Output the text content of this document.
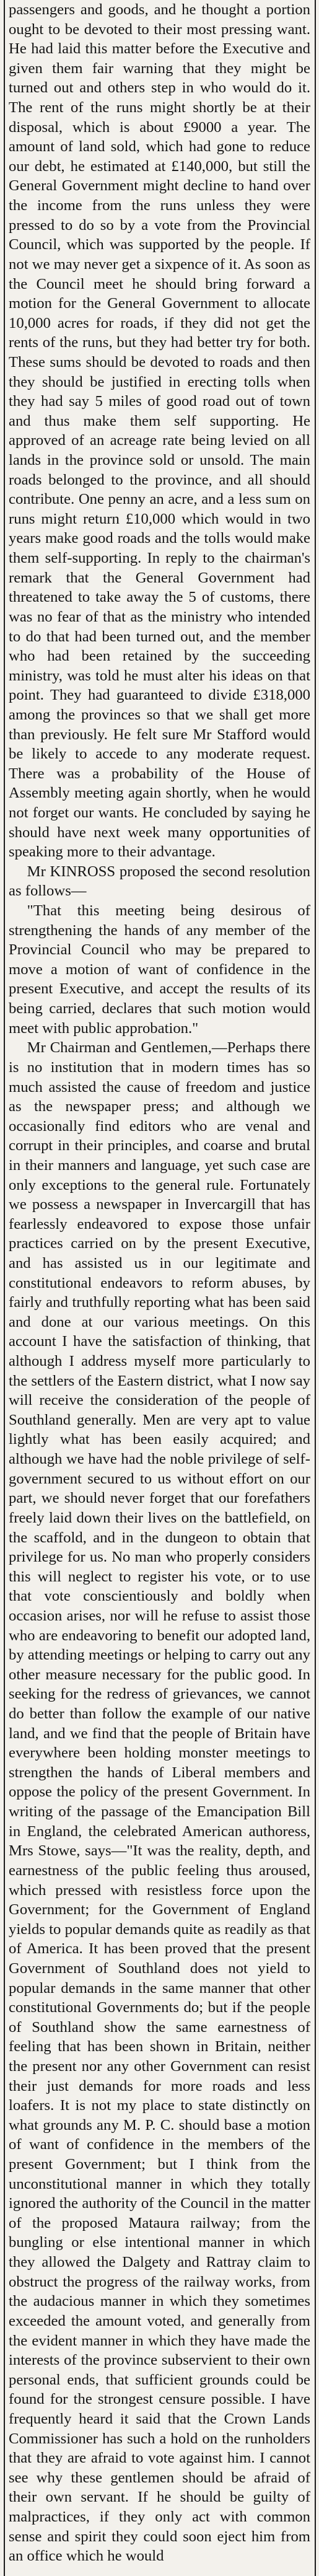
passengers and goods, and he thought a portion ought to be devoted to their most pressing want. He had laid this matter before the Executive and given them fair warning that they might be turned out and others step in who would do it. The rent of the runs might shortly be at their disposal, which is about £9000 a year. The amount of land sold, which had gone to reduce our debt, he estimated at £140,000, but still the General Government might decline to hand over the income from the runs unless they were pressed to do so by a vote from the Provincial Council, which was supported by the people. If not we may never get a sixpence of it. As soon as the Council meet he should bring forward a motion for the General Government to allocate 10,000 acres for roads, if they did not get the rents of the runs, but they had better try for both. These sums should be devoted to roads and then they should be justified in erecting tolls when they had say 5 miles of good road out of town and thus make them self supporting. He approved of an acreage rate being levied on all lands in the province sold or unsold. The main roads belonged to the province, and all should contribute. One penny an acre, and a less sum on runs might return £10,000 which would in two years make good roads and the tolls would make them self-supporting. In reply to the chairman's remark that the General Government had threatened to take away the 5 of customs, there was no fear of that as the ministry who intended to do that had been turned out, and the member who had been retained by the succeeding ministry, was told he must alter his ideas on that point. They had guaranteed to divide £318,000 among the provinces so that we shall get more than previously. He felt sure Mr Stafford would be likely to accede to any moderate request. There was a probability of the House of Assembly meeting again shortly, when he would not forget our wants. He concluded by saying he should have next week many opportunities of speaking more to their advantage.

Mr KINROSS proposed the second resolution as follows—

"That this meeting being desirous of strengthening the hands of any member of the Provincial Council who may be prepared to move a motion of want of confidence in the present Executive, and accept the results of its being carried, declares that such motion would meet with public approbation."

Mr Chairman and Gentlemen,—Perhaps there is no institution that in modern times has so much assisted the cause of freedom and justice as the newspaper press; and although we occasionally find editors who are venal and corrupt in their principles, and coarse and brutal in their manners and language, yet such case are only exceptions to the general rule. Fortunately we possess a newspaper in Invercargill that has fearlessly endeavored to expose those unfair practices carried on by the present Executive, and has assisted us in our legitimate and constitutional endeavors to reform abuses, by fairly and truthfully reporting what has been said and done at our various meetings. On this account I have the satisfaction of thinking, that although I address myself more particularly to the settlers of the Eastern district, what I now say will receive the consideration of the people of Southland generally. Men are very apt to value lightly what has been easily acquired; and although we have had the noble privilege of self-government secured to us without effort on our part, we should never forget that our forefathers freely laid down their lives on the battlefield, on the scaffold, and in the dungeon to obtain that privilege for us. No man who properly considers this will neglect to register his vote, or to use that vote conscientiously and boldly when occasion arises, nor will he refuse to assist those who are endeavoring to benefit our adopted land, by attending meetings or helping to carry out any other measure necessary for the public good. In seeking for the redress of grievances, we cannot do better than follow the example of our native land, and we find that the people of Britain have everywhere been holding monster meetings to strengthen the hands of Liberal members and oppose the policy of the present Government. In writing of the passage of the Emancipation Bill in England, the celebrated American authoress, Mrs Stowe, says—"It was the reality, depth, and earnestness of the public feeling thus aroused, which pressed with resistless force upon the Government; for the Government of England yields to popular demands quite as readily as that of America. It has been proved that the present Government of Southland does not yield to popular demands in the same manner that other constitutional Governments do; but if the people of Southland show the same earnestness of feeling that has been shown in Britain, neither the present nor any other Government can resist their just demands for more roads and less loafers. It is not my place to state distinctly on what grounds any M. P. C. should base a motion of want of confidence in the members of the present Government; but I think from the unconstitutional manner in which they totally ignored the authority of the Council in the matter of the proposed Mataura railway; from the bungling or else intentional manner in which they allowed the Dalgety and Rattray claim to obstruct the progress of the railway works, from the audacious manner in which they sometimes exceeded the amount voted, and generally from the evident manner in which they have made the interests of the province subservient to their own personal ends, that sufficient grounds could be found for the strongest censure possible. I have frequently heard it said that the Crown Lands Commissioner has such a hold on the runholders that they are afraid to vote against him. I cannot see why these gentlemen should be afraid of their own servant. If he should be guilty of malpractices, if they only act with common sense and spirit they could soon eject him from an office which he would
